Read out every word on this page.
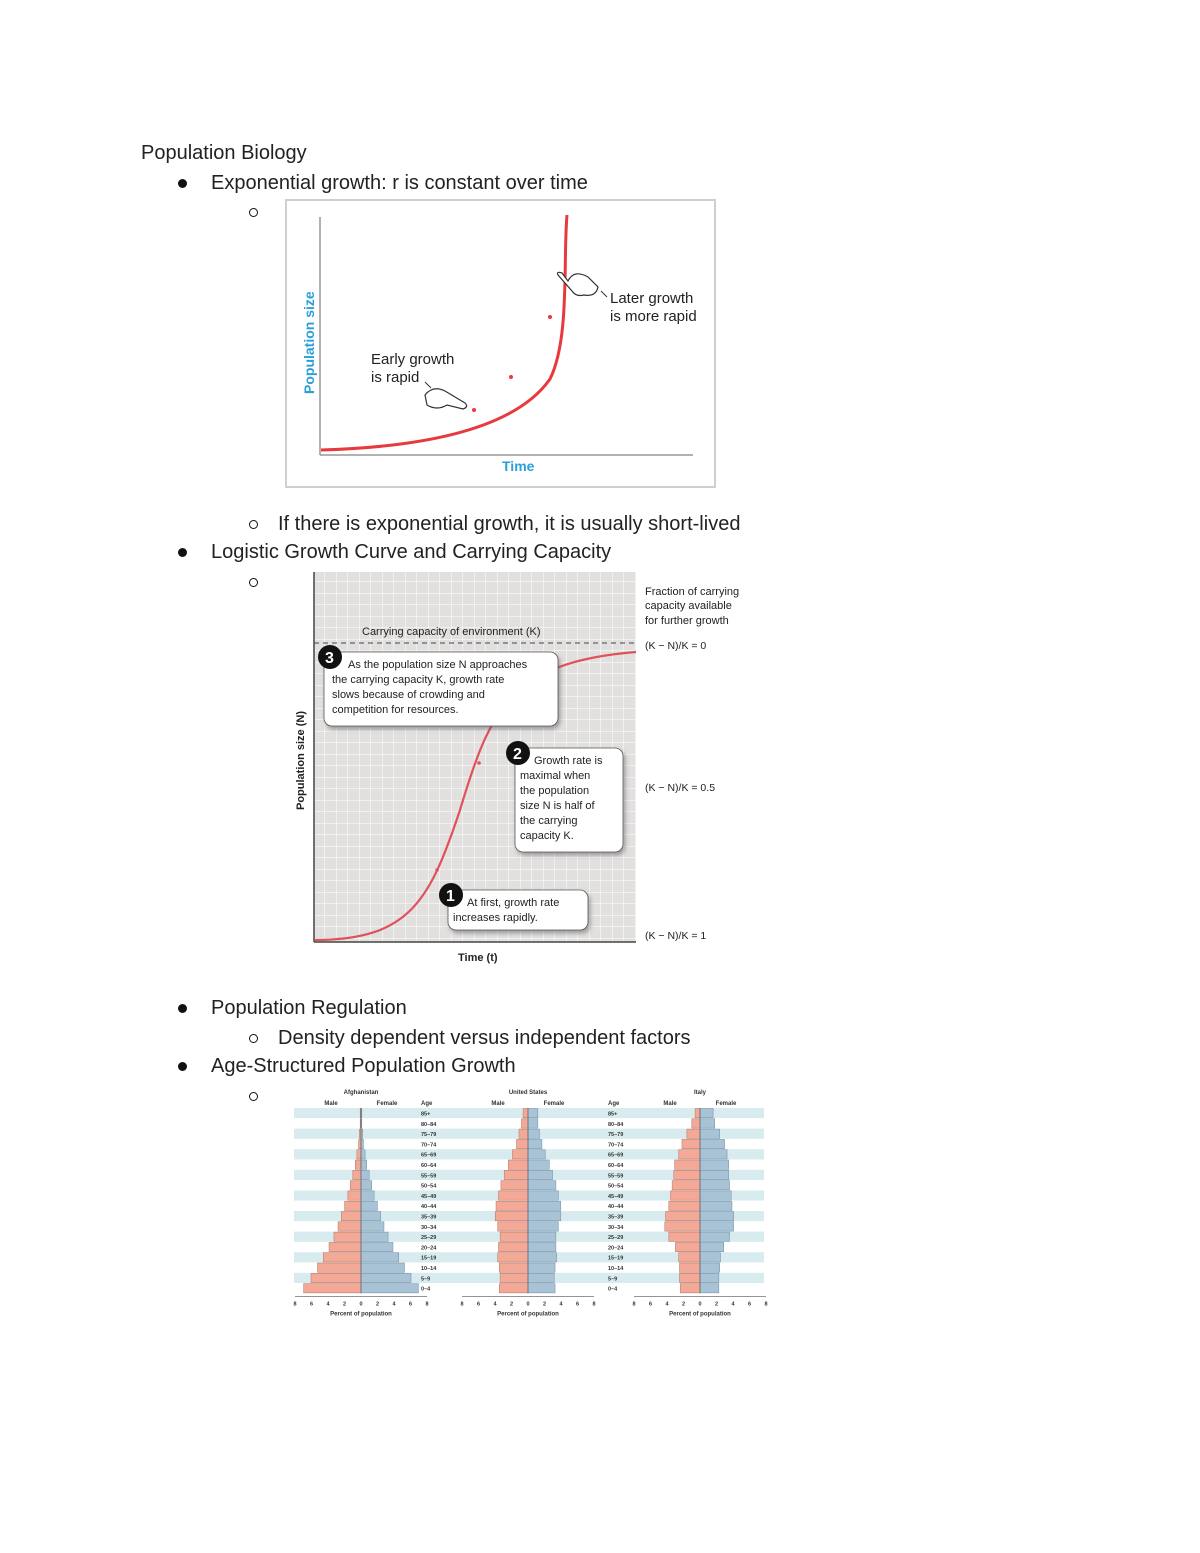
Population Biology
Exponential growth: r is constant over time
If there is exponential growth, it is usually short-lived
Logistic Growth Curve and Carrying Capacity
Population Regulation
Density dependent versus independent factors
Age-Structured Population Growth
Population size
Time
Early growth
is rapid
Later growth
is more rapid
Carrying capacity of environment (K)
Fraction of carrying
capacity available
for further growth
(K − N)/K = 0
(K − N)/K = 0.5
(K − N)/K = 1
Population size (N)
Time (t)
3 As the population size N approaches
the carrying capacity K, growth rate
slows because of crowding and
competition for resources.
2 Growth rate is
maximal when
the population
size N is half of
the carrying
capacity K.
1 At first, growth rate
increases rapidly.
Afghanistan
Male	Female
8 6 4 2 0 2 4 6 8
Percent of population
United States
Male	Female
8 6 4 2 0 2 4 6 8
Percent of population
Italy
Male	Female
8 6 4 2 0 2 4 6 8
Percent of population
Age
85+
80–84
75–79
70–74
65–69
60–64
55–59
50–54
45–49
40–44
35–39
30–34
25–29
20–24
15–19
10–14
5–9
0–4
Age
85+
80–84
75–79
70–74
65–69
60–64
55–59
50–54
45–49
40–44
35–39
30–34
25–29
20–24
15–19
10–14
5–9
0–4
